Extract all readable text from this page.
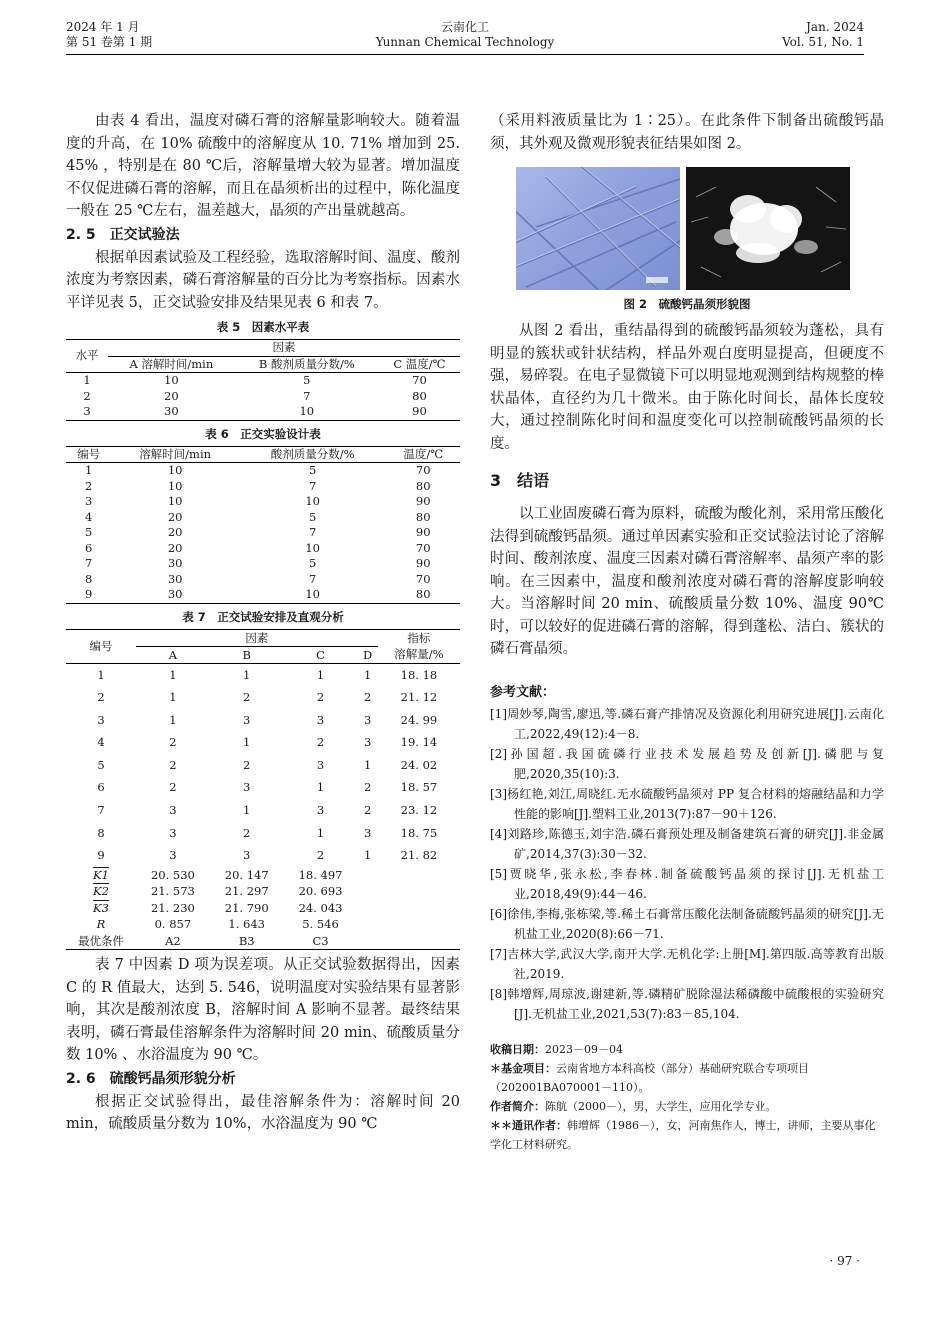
2024 年 1 月
第 51 卷第 1 期
云南化工
Yunnan Chemical Technology
Jan. 2024
Vol. 51, No. 1

由表 4 看出，温度对磷石膏的溶解量影响较大。随着温度的升高，在 10% 硫酸中的溶解度从 10. 71% 增加到 25. 45% ，特别是在 80 ℃后，溶解量增大较为显著。增加温度不仅促进磷石膏的溶解，而且在晶须析出的过程中，陈化温度一般在 25 ℃左右，温差越大，晶须的产出量就越高。

2. 5　正交试验法

根据单因素试验及工程经验，选取溶解时间、温度、酸剂浓度为考察因素，磷石膏溶解量的百分比为考察指标。因素水平详见表 5，正交试验安排及结果见表 6 和表 7。

表 5　因素水平表
水平	因素		
	A 溶解时间/min	B 酸剂质量分数/%	C 温度/℃
1	10	5	70
2	20	7	80
3	30	10	90
表 6　正交实验设计表
编号	溶解时间/min	酸剂质量分数/%	温度/℃
1	10	5	70
2	10	7	80
3	10	10	90
4	20	5	80
5	20	7	90
6	20	10	70
7	30	5	90
8	30	7	70
9	30	10	80
表 7　正交试验安排及直观分析
编号	因素				指标
	A	B	C	D	溶解量/%
1	1	1	1	1	18. 18
2	1	2	2	2	21. 12
3	1	3	3	3	24. 99
4	2	1	2	3	19. 14
5	2	2	3	1	24. 02
6	2	3	1	2	18. 57
7	3	1	3	2	23. 12
8	3	2	1	3	18. 75
9	3	3	2	1	21. 82
K1	20. 530	20. 147	18. 497		
K2	21. 573	21. 297	20. 693		
K3	21. 230	21. 790	24. 043		
R	0. 857	1. 643	5. 546		
最优条件	A2	B3	C3		

表 7 中因素 D 项为误差项。从正交试验数据得出，因素 C 的 R 值最大，达到 5. 546，说明温度对实验结果有显著影响，其次是酸剂浓度 B，溶解时间 A 影响不显著。最终结果表明，磷石膏最佳溶解条件为溶解时间 20 min、硫酸质量分数 10% 、水浴温度为 90 ℃。

2. 6　硫酸钙晶须形貌分析

根据正交试验得出，最佳溶解条件为：溶解时间 20 min，硫酸质量分数为 10%，水浴温度为 90 ℃

（采用料液质量比为 1∶25）。在此条件下制备出硫酸钙晶须，其外观及微观形貌表征结果如图 2。

图 2　硫酸钙晶须形貌图

从图 2 看出，重结晶得到的硫酸钙晶须较为蓬松，具有明显的簇状或针状结构，样品外观白度明显提高，但硬度不强，易碎裂。在电子显微镜下可以明显地观测到结构规整的棒状晶体，直径约为几十微米。由于陈化时间长，晶体长度较大，通过控制陈化时间和温度变化可以控制硫酸钙晶须的长度。

3　结语

以工业固废磷石膏为原料，硫酸为酸化剂，采用常压酸化法得到硫酸钙晶须。通过单因素实验和正交试验法讨论了溶解时间、酸剂浓度、温度三因素对磷石膏溶解率、晶须产率的影响。在三因素中，温度和酸剂浓度对磷石膏的溶解度影响较大。当溶解时间 20 min、硫酸质量分数 10%、温度 90℃时，可以较好的促进磷石膏的溶解，得到蓬松、洁白、簇状的磷石膏晶须。

参考文献：
[1]周妙琴,陶雪,廖迅,等.磷石膏产排情况及资源化利用研究进展[J].云南化工,2022,49(12):4－8.
[2]孙国超.我国硫磷行业技术发展趋势及创新[J].磷肥与复肥,2020,35(10):3.
[3]杨红艳,刘江,周晓红.无水硫酸钙晶须对 PP 复合材料的熔融结晶和力学性能的影响[J].塑料工业,2013(7):87－90＋126.
[4]刘路珍,陈德玉,刘宇浩.磷石膏预处理及制备建筑石膏的研究[J].非金属矿,2014,37(3):30－32.
[5]贾晓华,张永松,李春林.制备硫酸钙晶须的探讨[J].无机盐工业,2018,49(9):44－46.
[6]徐伟,李梅,张栋梁,等.稀土石膏常压酸化法制备硫酸钙晶须的研究[J].无机盐工业,2020(8):66－71.
[7]吉林大学,武汉大学,南开大学.无机化学:上册[M].第四版.高等教育出版社,2019.
[8]韩增辉,周琼波,谢建新,等.磷精矿脱除湿法稀磷酸中硫酸根的实验研究[J].无机盐工业,2021,53(7):83－85,104.
收稿日期：2023－09－04
＊基金项目：云南省地方本科高校（部分）基础研究联合专项项目（202001BA070001－110）。
作者简介：陈航（2000－），男，大学生，应用化学专业。
＊＊通讯作者：韩增辉（1986－），女，河南焦作人，博士，讲师，主要从事化学化工材料研究。
· 97 ·
